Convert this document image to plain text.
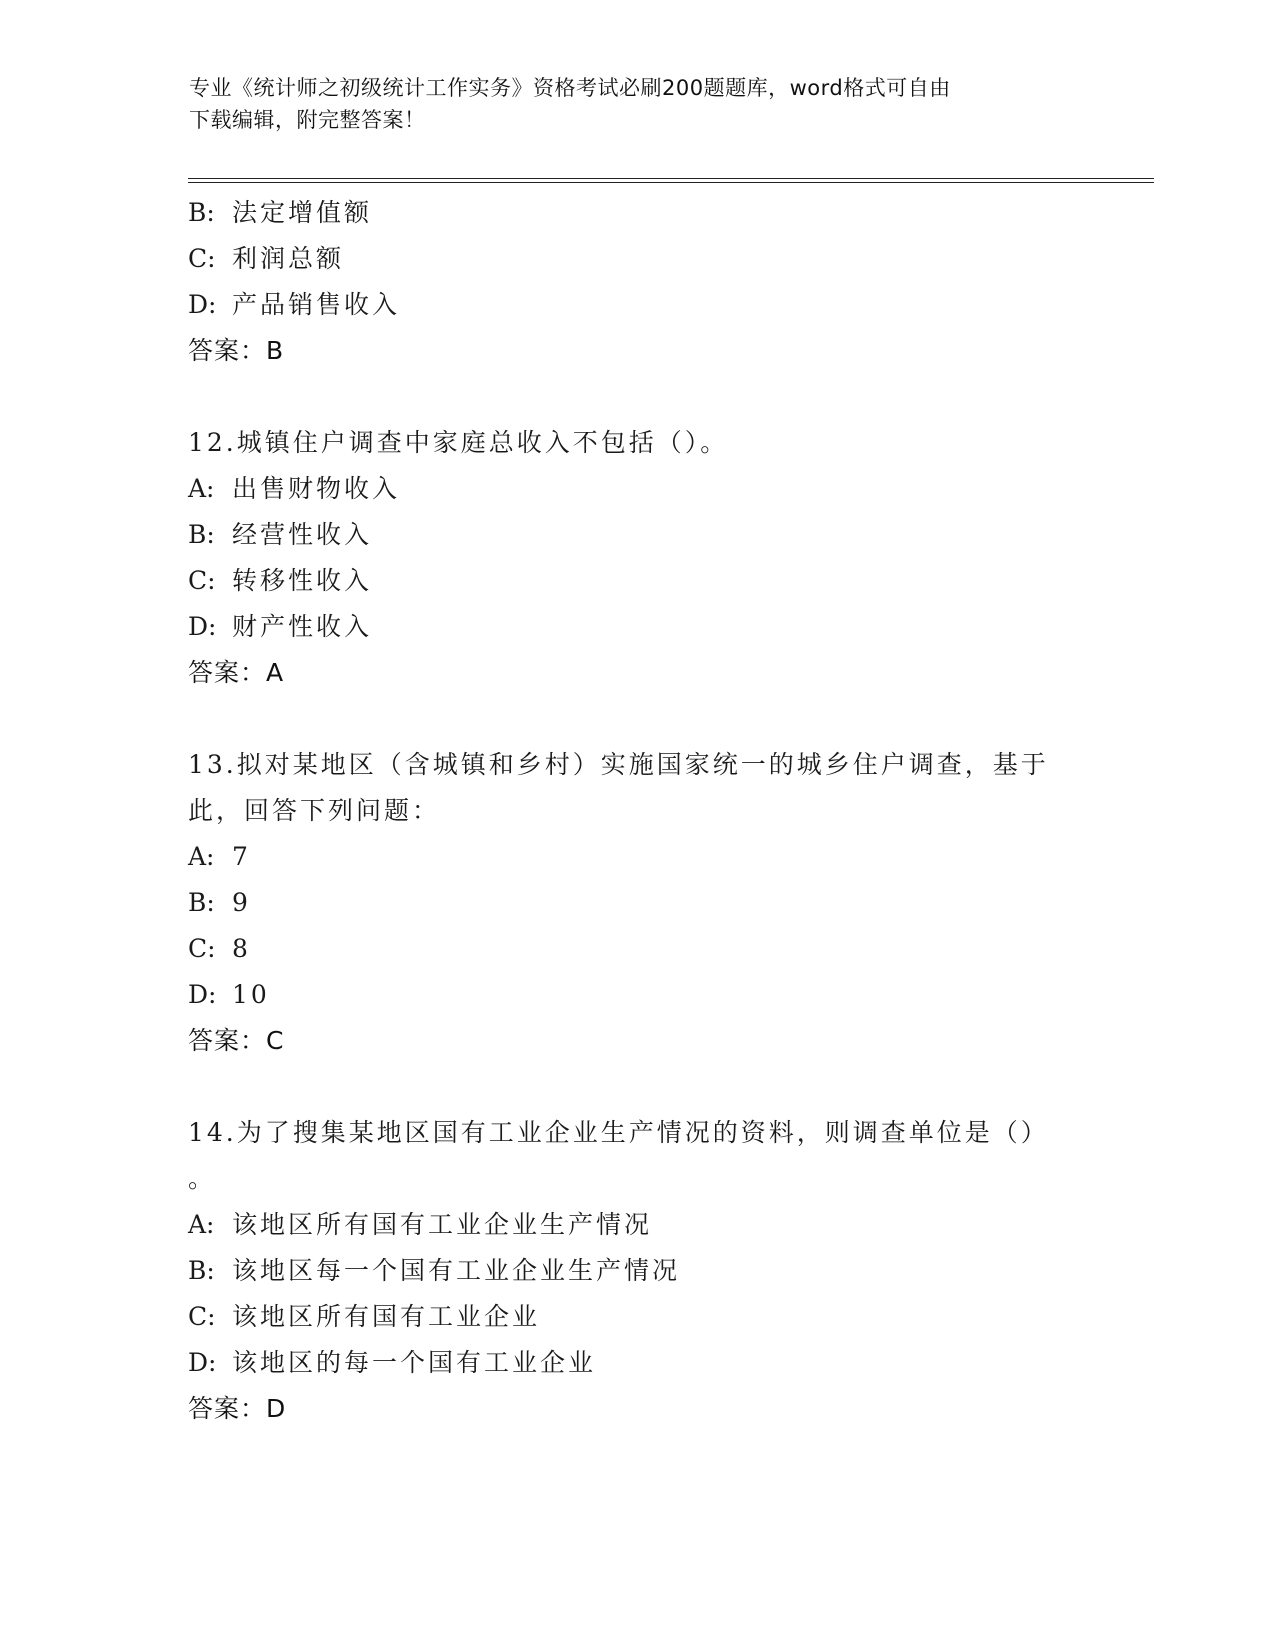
专业《统计师之初级统计工作实务》资格考试必刷200题题库，word格式可自由
下载编辑，附完整答案！
B: 法定增值额
C: 利润总额
D: 产品销售收入
答案：B
12.城镇住户调查中家庭总收入不包括（）。
A: 出售财物收入
B: 经营性收入
C: 转移性收入
D: 财产性收入
答案：A
13.拟对某地区（含城镇和乡村）实施国家统一的城乡住户调查，基于
此，回答下列问题：
A: 7
B: 9
C: 8
D: 10
答案：C
14.为了搜集某地区国有工业企业生产情况的资料，则调查单位是（）
。
A: 该地区所有国有工业企业生产情况
B: 该地区每一个国有工业企业生产情况
C: 该地区所有国有工业企业
D: 该地区的每一个国有工业企业
答案：D
